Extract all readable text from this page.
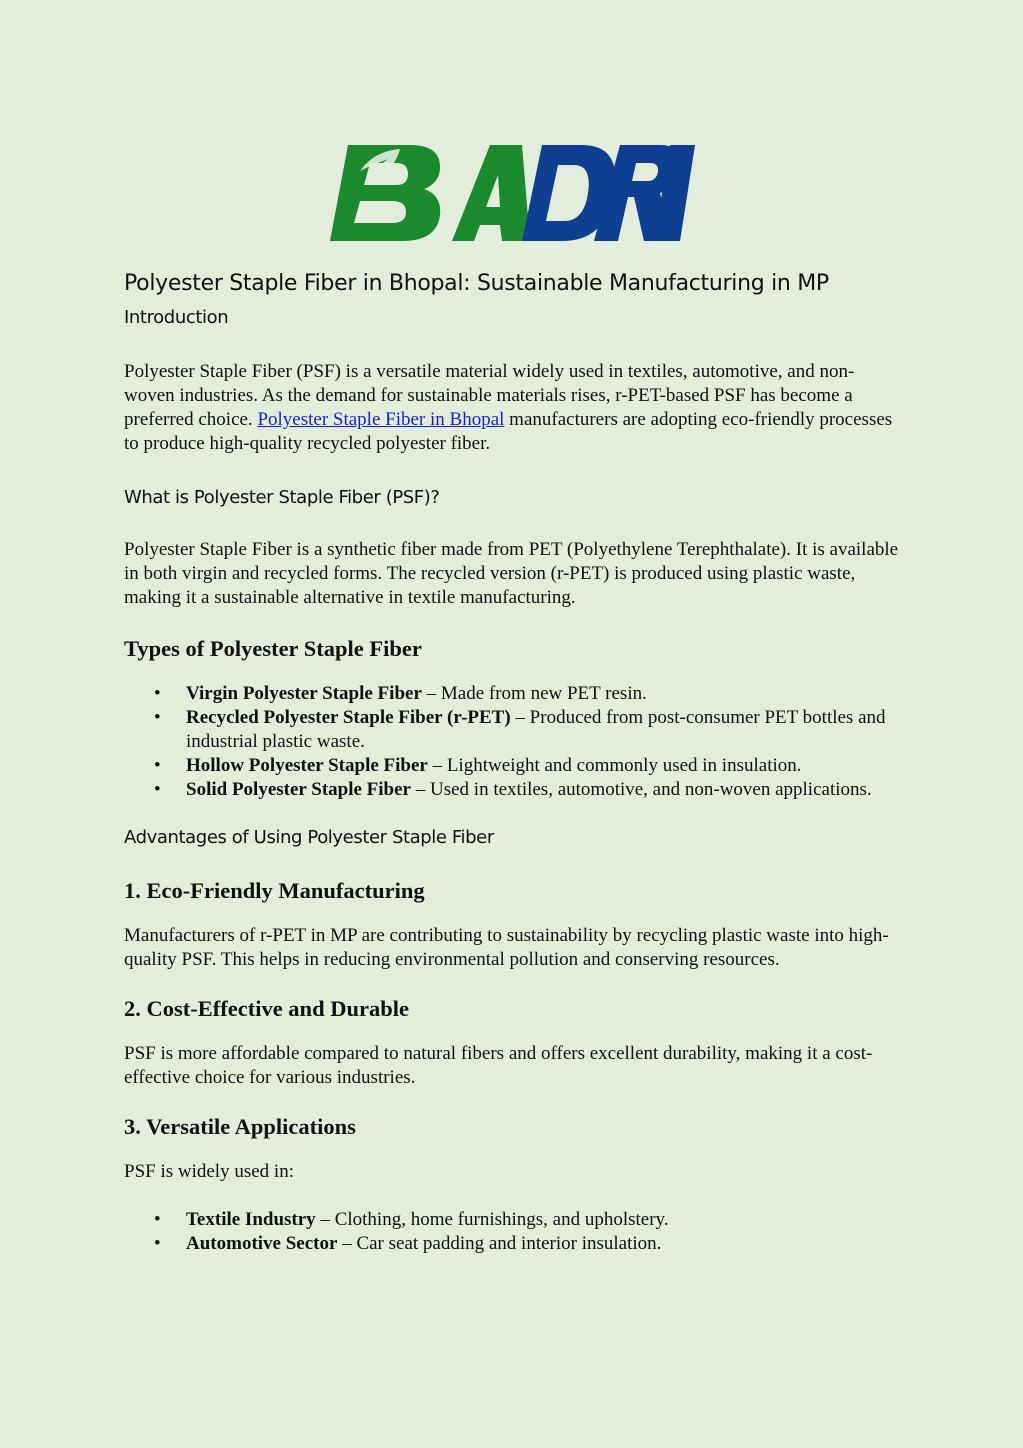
Polyester Staple Fiber in Bhopal: Sustainable Manufacturing in MP
Introduction

Polyester Staple Fiber (PSF) is a versatile material widely used in textiles, automotive, and non-woven industries. As the demand for sustainable materials rises, r-PET-based PSF has become a preferred choice. Polyester Staple Fiber in Bhopal manufacturers are adopting eco-friendly processes to produce high-quality recycled polyester fiber.

What is Polyester Staple Fiber (PSF)?

Polyester Staple Fiber is a synthetic fiber made from PET (Polyethylene Terephthalate). It is available in both virgin and recycled forms. The recycled version (r-PET) is produced using plastic waste, making it a sustainable alternative in textile manufacturing.

Types of Polyester Staple Fiber
• Virgin Polyester Staple Fiber – Made from new PET resin.
• Recycled Polyester Staple Fiber (r-PET) – Produced from post-consumer PET bottles and industrial plastic waste.
• Hollow Polyester Staple Fiber – Lightweight and commonly used in insulation.
• Solid Polyester Staple Fiber – Used in textiles, automotive, and non-woven applications.
Advantages of Using Polyester Staple Fiber
1. Eco-Friendly Manufacturing

Manufacturers of r-PET in MP are contributing to sustainability by recycling plastic waste into high-quality PSF. This helps in reducing environmental pollution and conserving resources.

2. Cost-Effective and Durable

PSF is more affordable compared to natural fibers and offers excellent durability, making it a cost-effective choice for various industries.

3. Versatile Applications

PSF is widely used in:

• Textile Industry – Clothing, home furnishings, and upholstery.
• Automotive Sector – Car seat padding and interior insulation.
